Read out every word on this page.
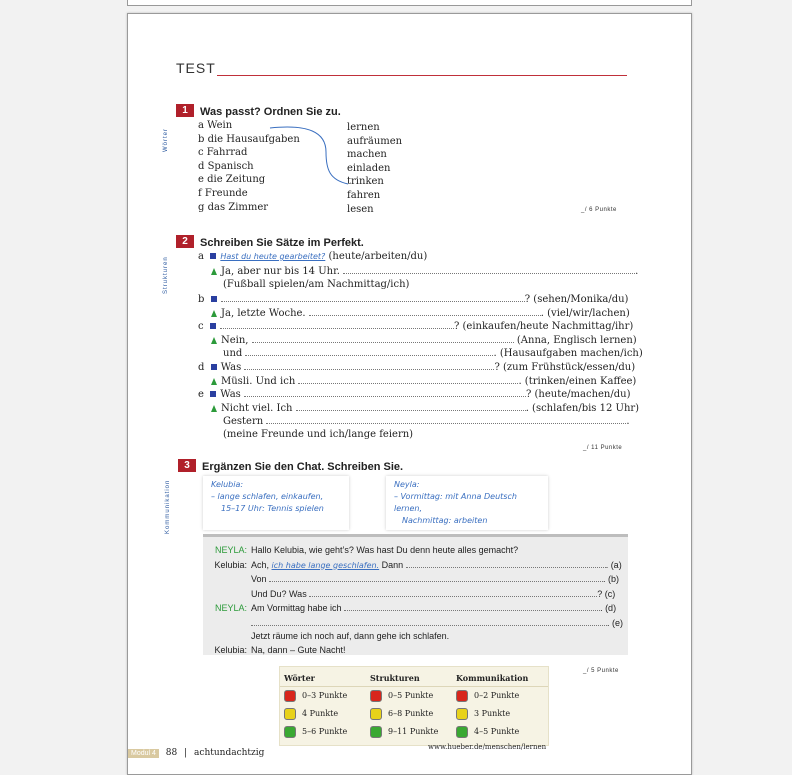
TEST
1 Was passt? Ordnen Sie zu.
Wörter
a Wein
b die Hausaufgaben
c Fahrrad
d Spanisch
e die Zeitung
f Freunde
g das Zimmer
lernen
aufräumen
machen
einladen
trinken
fahren
lesen	_/ 6 Punkte
2 Schreiben Sie Sätze im Perfekt.
Strukturen	a Hast du heute gearbeitet? (heute/arbeiten/du)
Ja, aber nur bis 14 Uhr.	.
(Fußball spielen/am Nachmittag/ich)
b	? (sehen/Monika/du)
Ja, letzte Woche.	. (viel/wir/lachen)
c	? (einkaufen/heute Nachmittag/ihr)
Nein,	(Anna, Englisch lernen)
und	. (Hausaufgaben machen/ich)
d Was	? (zum Frühstück/essen/du)
Müsli. Und ich	. (trinken/einen Kaffee)
e Was	? (heute/machen/du)
Nicht viel. Ich	. (schlafen/bis 12 Uhr)
Gestern	.
(meine Freunde und ich/lange feiern)
_/ 11 Punkte
3 Ergänzen Sie den Chat. Schreiben Sie.
Kommunikation	Kelubia:
– lange schlafen, einkaufen,
15–17 Uhr: Tennis spielen
Neyla:
– Vormittag: mit Anna Deutsch lernen,
Nachmittag: arbeiten
NEYLA: Hallo Kelubia, wie geht’s? Was hast Du denn heute alles gemacht?
Kelubia: Ach, ich habe lange geschlafen. Dann	. (a)
Von	. (b)
Und Du? Was	? (c)
NEYLA: Am Vormittag habe ich	. (d)
. (e)
Jetzt räume ich noch auf, dann gehe ich schlafen.
Kelubia: Na, dann – Gute Nacht!
_/ 5 Punkte
Wörter	Strukturen	Kommunikation
0–3 Punkte	0–5 Punkte	0–2 Punkte
4 Punkte	6–8 Punkte	3 Punkte
5–6 Punkte	9–11 Punkte	4–5 Punkte
Modul 4 88 | achtundachtzig
www.hueber.de/menschen/lernen
